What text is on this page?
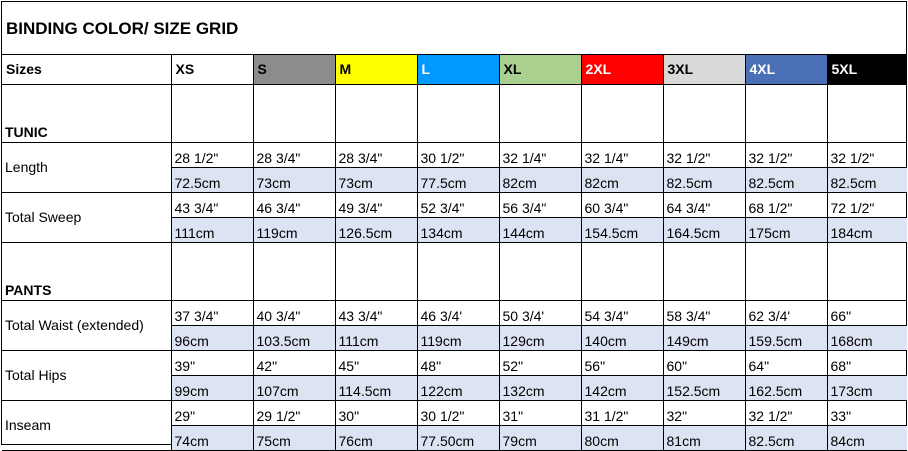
BINDING COLOR/ SIZE GRID
Sizes	XS	S	M	L	XL	2XL	3XL	4XL	5XL
TUNIC									
Length	28 1/2"	28 3/4"	28 3/4"	30 1/2"	32 1/4"	32 1/4"	32 1/2"	32 1/2"	32 1/2"
	72.5cm	73cm	73cm	77.5cm	82cm	82cm	82.5cm	82.5cm	82.5cm
Total Sweep	43 3/4"	46 3/4"	49 3/4"	52 3/4"	56 3/4"	60 3/4"	64 3/4"	68 1/2"	72 1/2"
	111cm	119cm	126.5cm	134cm	144cm	154.5cm	164.5cm	175cm	184cm
PANTS									
Total Waist (extended)	37 3/4"	40 3/4"	43 3/4"	46 3/4'	50 3/4'	54 3/4"	58 3/4"	62 3/4'	66"
	96cm	103.5cm	111cm	119cm	129cm	140cm	149cm	159.5cm	168cm
Total Hips	39"	42"	45"	48"	52"	56"	60"	64"	68"
	99cm	107cm	114.5cm	122cm	132cm	142cm	152.5cm	162.5cm	173cm
Inseam	29"	29 1/2"	30"	30 1/2"	31"	31 1/2"	32"	32 1/2"	33"
	74cm	75cm	76cm	77.50cm	79cm	80cm	81cm	82.5cm	84cm
